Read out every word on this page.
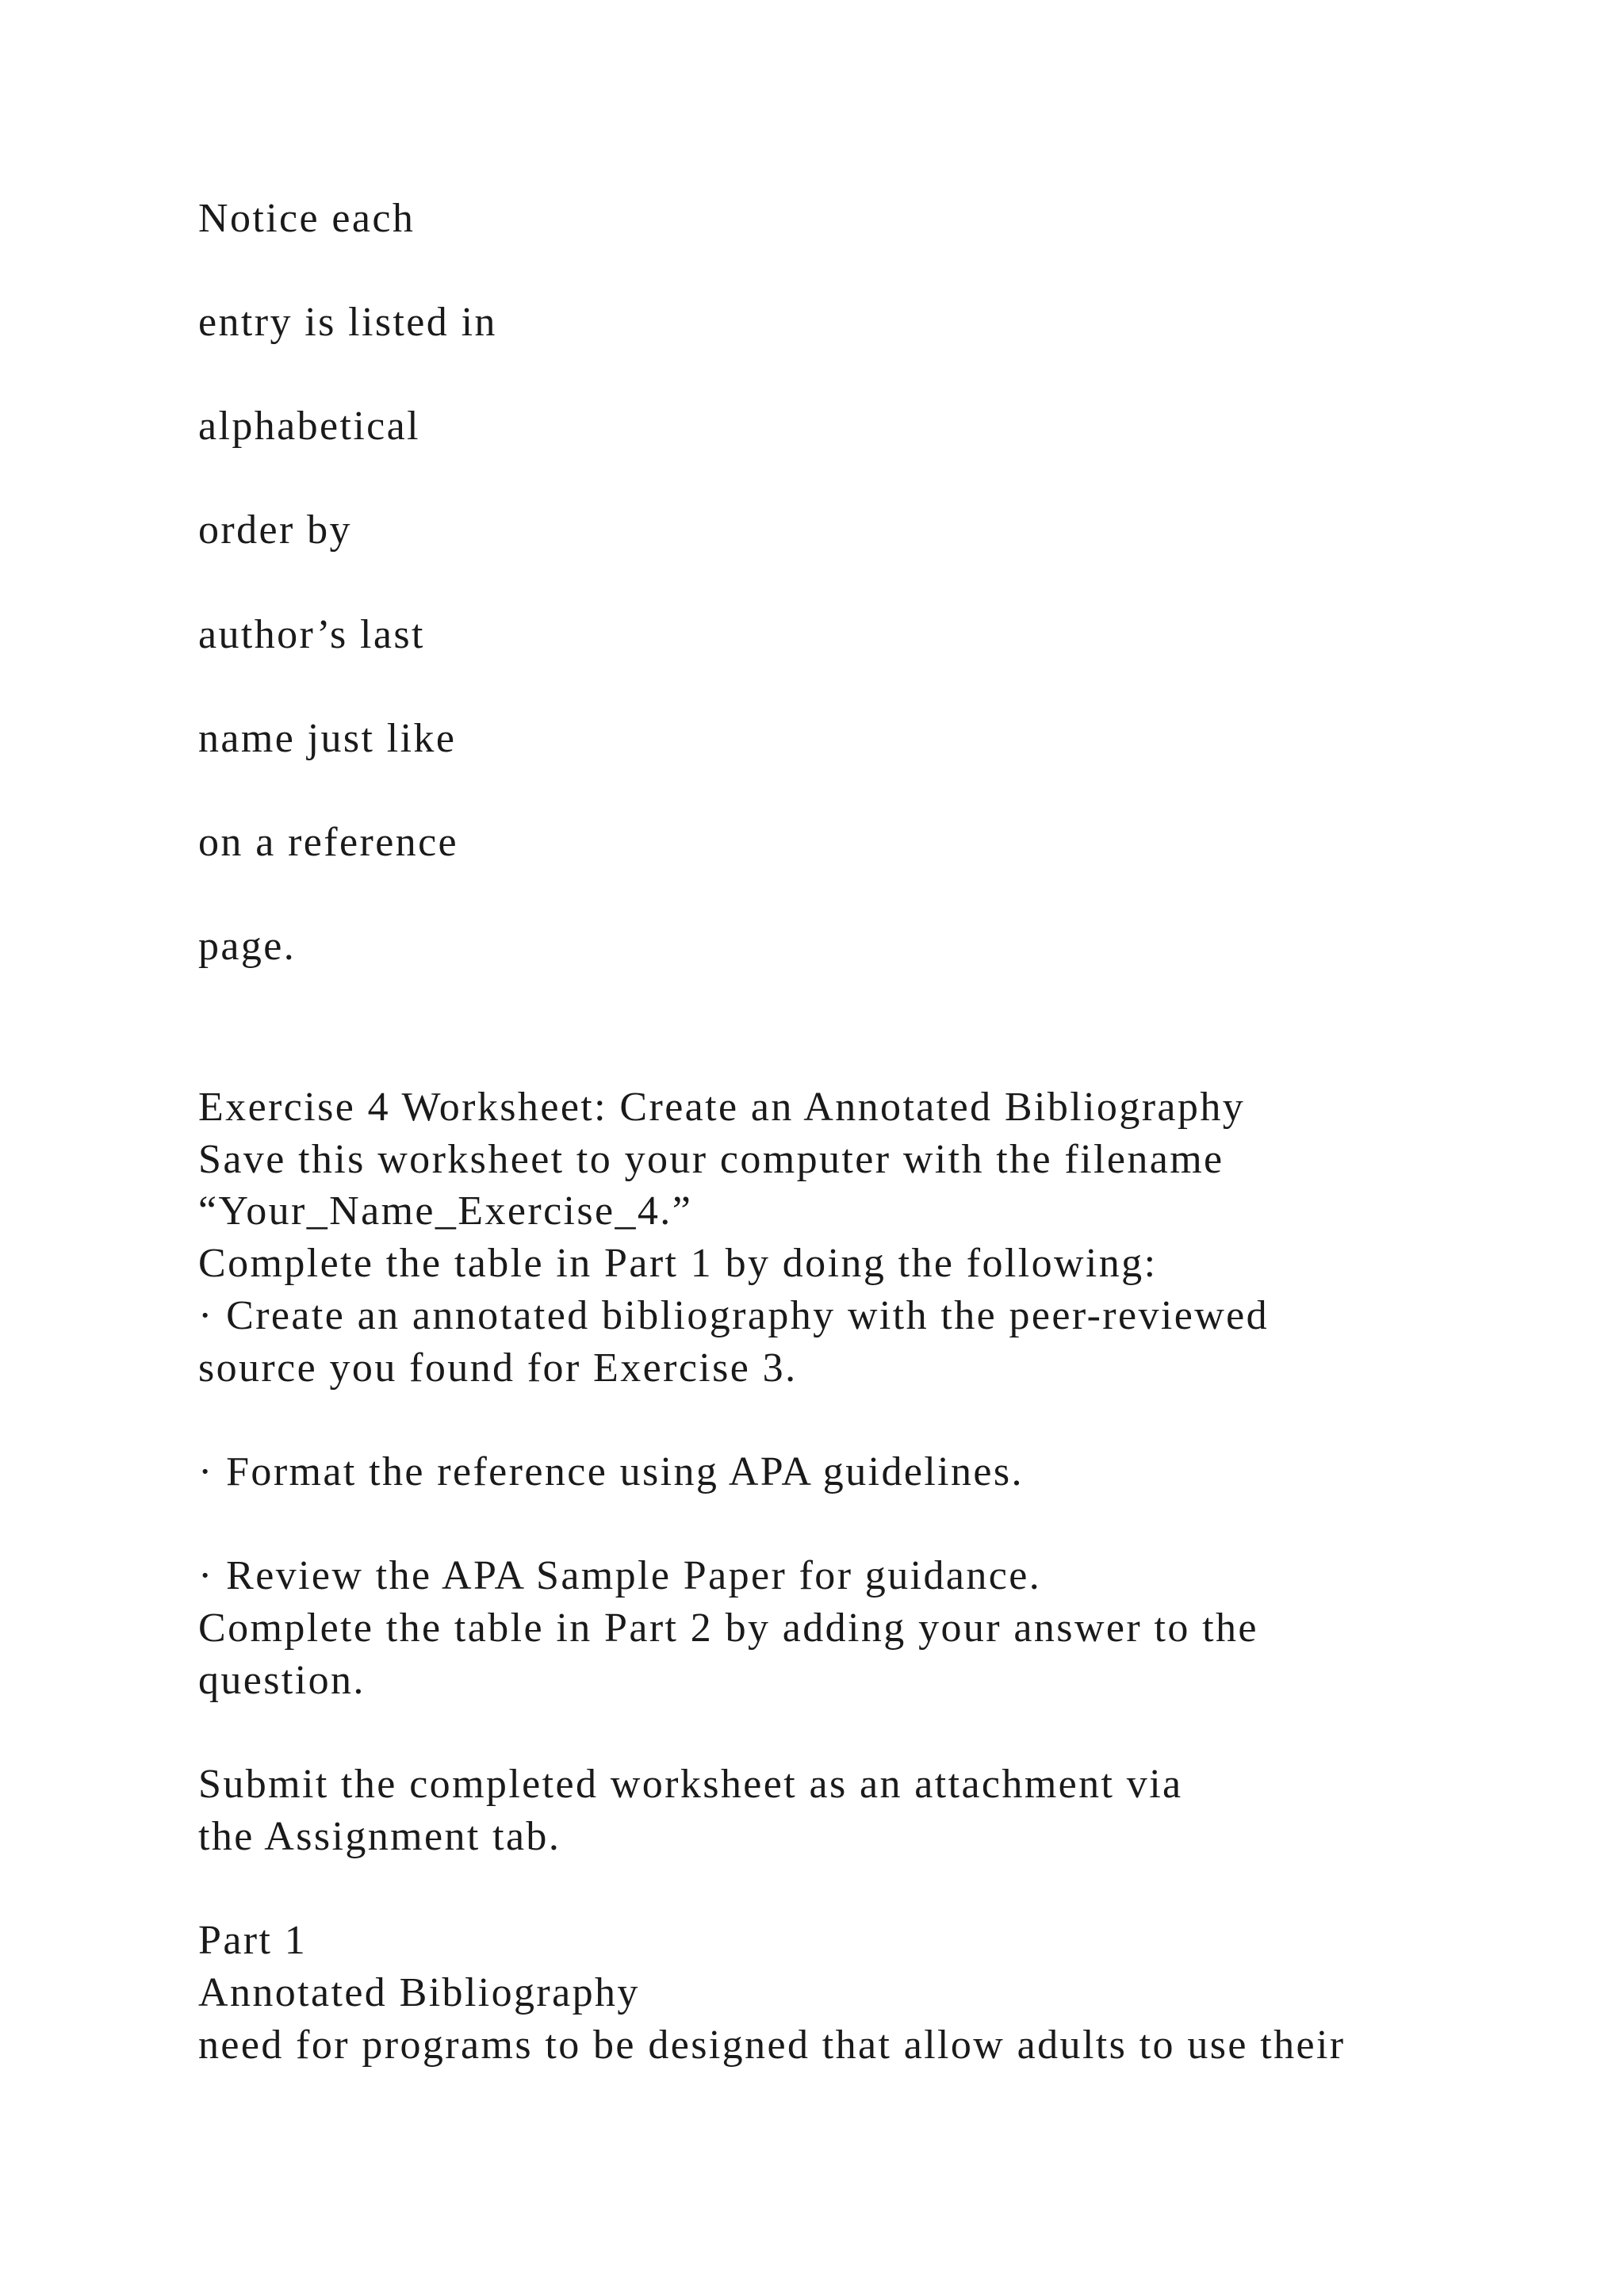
Notice each

entry is listed in

alphabetical

order by

author’s last

name just like

on a reference

page.

Exercise 4 Worksheet: Create an Annotated Bibliography

Save this worksheet to your computer with the filename

“Your_Name_Exercise_4.”

Complete the table in Part 1 by doing the following:

· Create an annotated bibliography with the peer-reviewed

source you found for Exercise 3.

· Format the reference using APA guidelines.

· Review the APA Sample Paper for guidance.

Complete the table in Part 2 by adding your answer to the

question.

Submit the completed worksheet as an attachment via

the Assignment tab.

Part 1

Annotated Bibliography

need for programs to be designed that allow adults to use their
